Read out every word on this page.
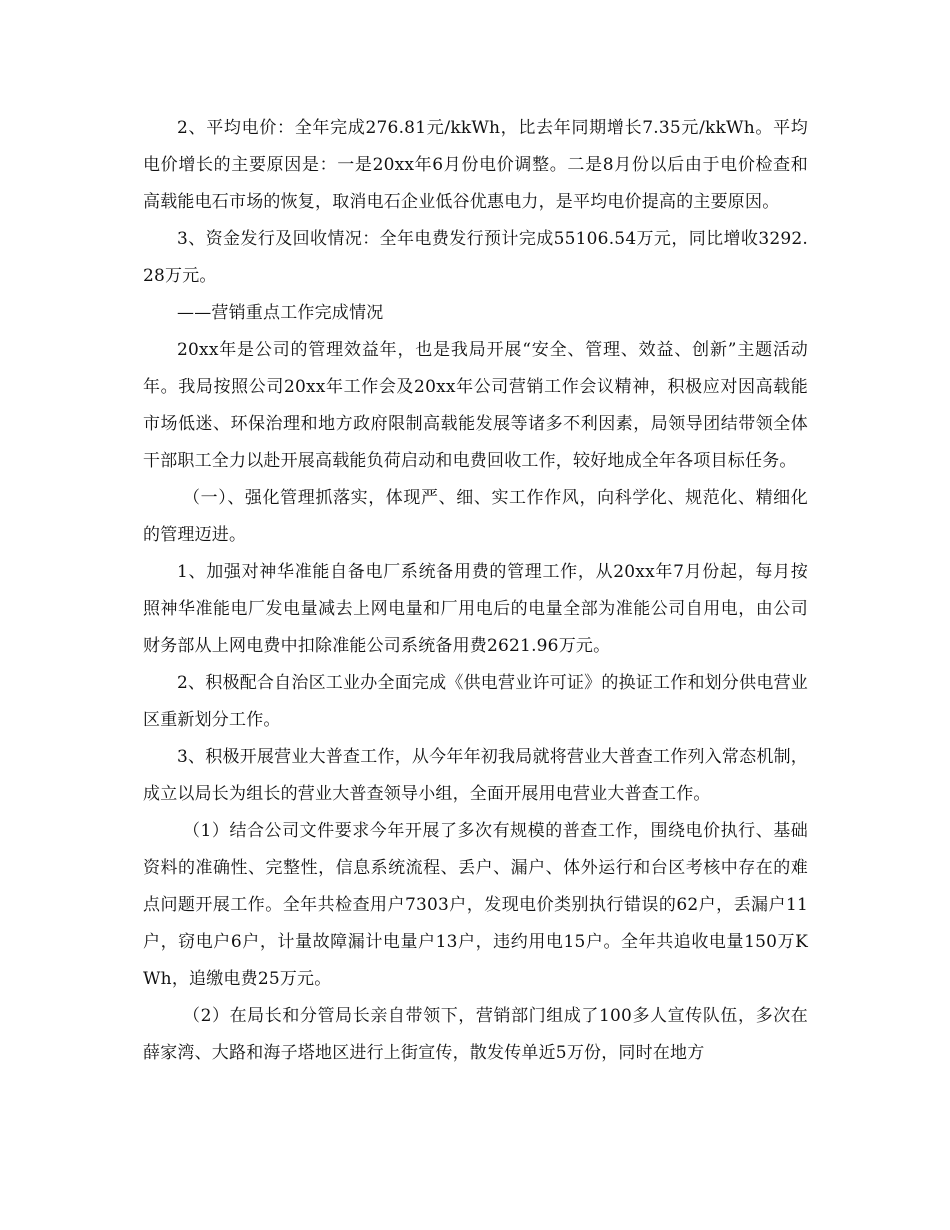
2、平均电价：全年完成276.81元/kkWh，比去年同期增长7.35元/kkWh。平均电价增长的主要原因是：一是20xx年6月份电价调整。二是8月份以后由于电价检查和高载能电石市场的恢复，取消电石企业低谷优惠电力，是平均电价提高的主要原因。

3、资金发行及回收情况：全年电费发行预计完成55106.54万元，同比增收3292.28万元。

——营销重点工作完成情况

20xx年是公司的管理效益年，也是我局开展“安全、管理、效益、创新”主题活动年。我局按照公司20xx年工作会及20xx年公司营销工作会议精神，积极应对因高载能市场低迷、环保治理和地方政府限制高载能发展等诸多不利因素，局领导团结带领全体干部职工全力以赴开展高载能负荷启动和电费回收工作，较好地成全年各项目标任务。

（一）、强化管理抓落实，体现严、细、实工作作风，向科学化、规范化、精细化的管理迈进。

1、加强对神华准能自备电厂系统备用费的管理工作，从20xx年7月份起，每月按照神华准能电厂发电量减去上网电量和厂用电后的电量全部为准能公司自用电，由公司财务部从上网电费中扣除准能公司系统备用费2621.96万元。

2、积极配合自治区工业办全面完成《供电营业许可证》的换证工作和划分供电营业区重新划分工作。

3、积极开展营业大普查工作，从今年年初我局就将营业大普查工作列入常态机制，成立以局长为组长的营业大普查领导小组，全面开展用电营业大普查工作。

（1）结合公司文件要求今年开展了多次有规模的普查工作，围绕电价执行、基础资料的准确性、完整性，信息系统流程、丢户、漏户、体外运行和台区考核中存在的难点问题开展工作。全年共检查用户7303户，发现电价类别执行错误的62户，丢漏户11户，窃电户6户，计量故障漏计电量户13户，违约用电15户。全年共追收电量150万KWh，追缴电费25万元。

（2）在局长和分管局长亲自带领下，营销部门组成了100多人宣传队伍，多次在薛家湾、大路和海子塔地区进行上街宣传，散发传单近5万份，同时在地方
